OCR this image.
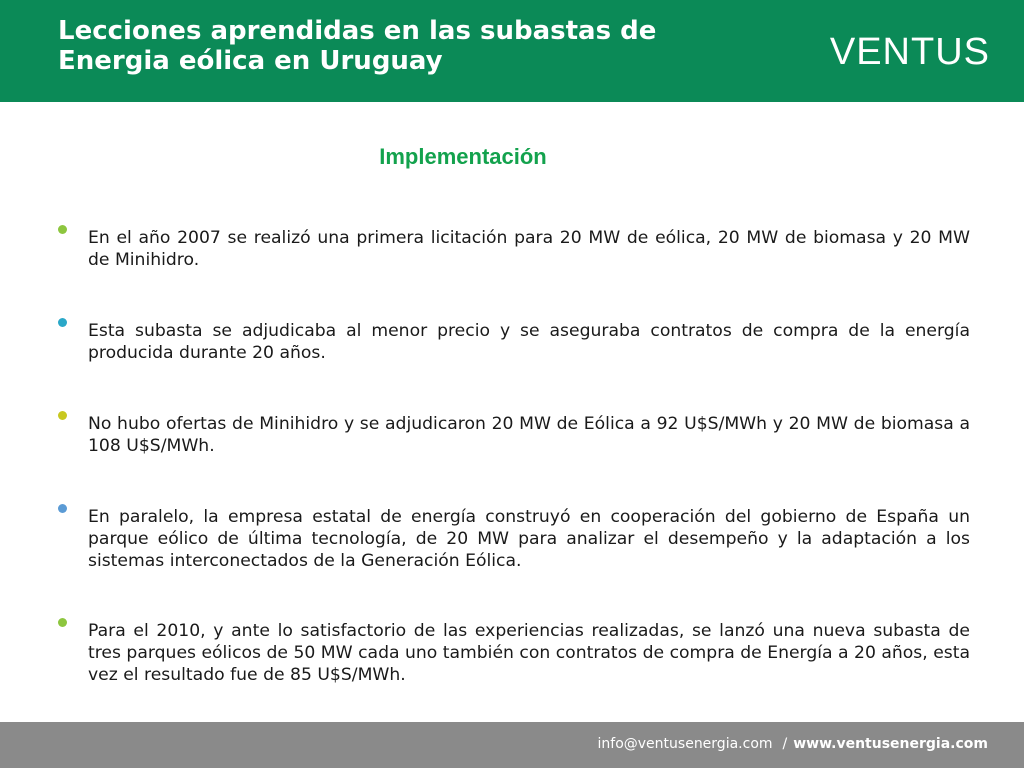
Lecciones aprendidas en las subastas de
Energia eólica en Uruguay	VENTUS
Implementación
En el año 2007 se realizó una primera licitación para 20 MW de eólica, 20 MW de biomasa y 20 MW de Minihidro.
Esta subasta se adjudicaba al menor precio y se aseguraba contratos de compra de la energía producida durante 20 años.
No hubo ofertas de Minihidro y se adjudicaron 20 MW de Eólica a 92 U$S/MWh y 20 MW de biomasa a 108 U$S/MWh.
En paralelo, la empresa estatal de energía construyó en cooperación del gobierno de España un parque eólico de última tecnología, de 20 MW para analizar el desempeño y la adaptación a los sistemas interconectados de la Generación Eólica.
Para el 2010, y ante lo satisfactorio de las experiencias realizadas, se lanzó una nueva subasta de tres parques eólicos de 50 MW cada uno también con contratos de compra de Energía a 20 años, esta vez el resultado fue de 85 U$S/MWh.
info@ventusenergia.com / www.ventusenergia.com
